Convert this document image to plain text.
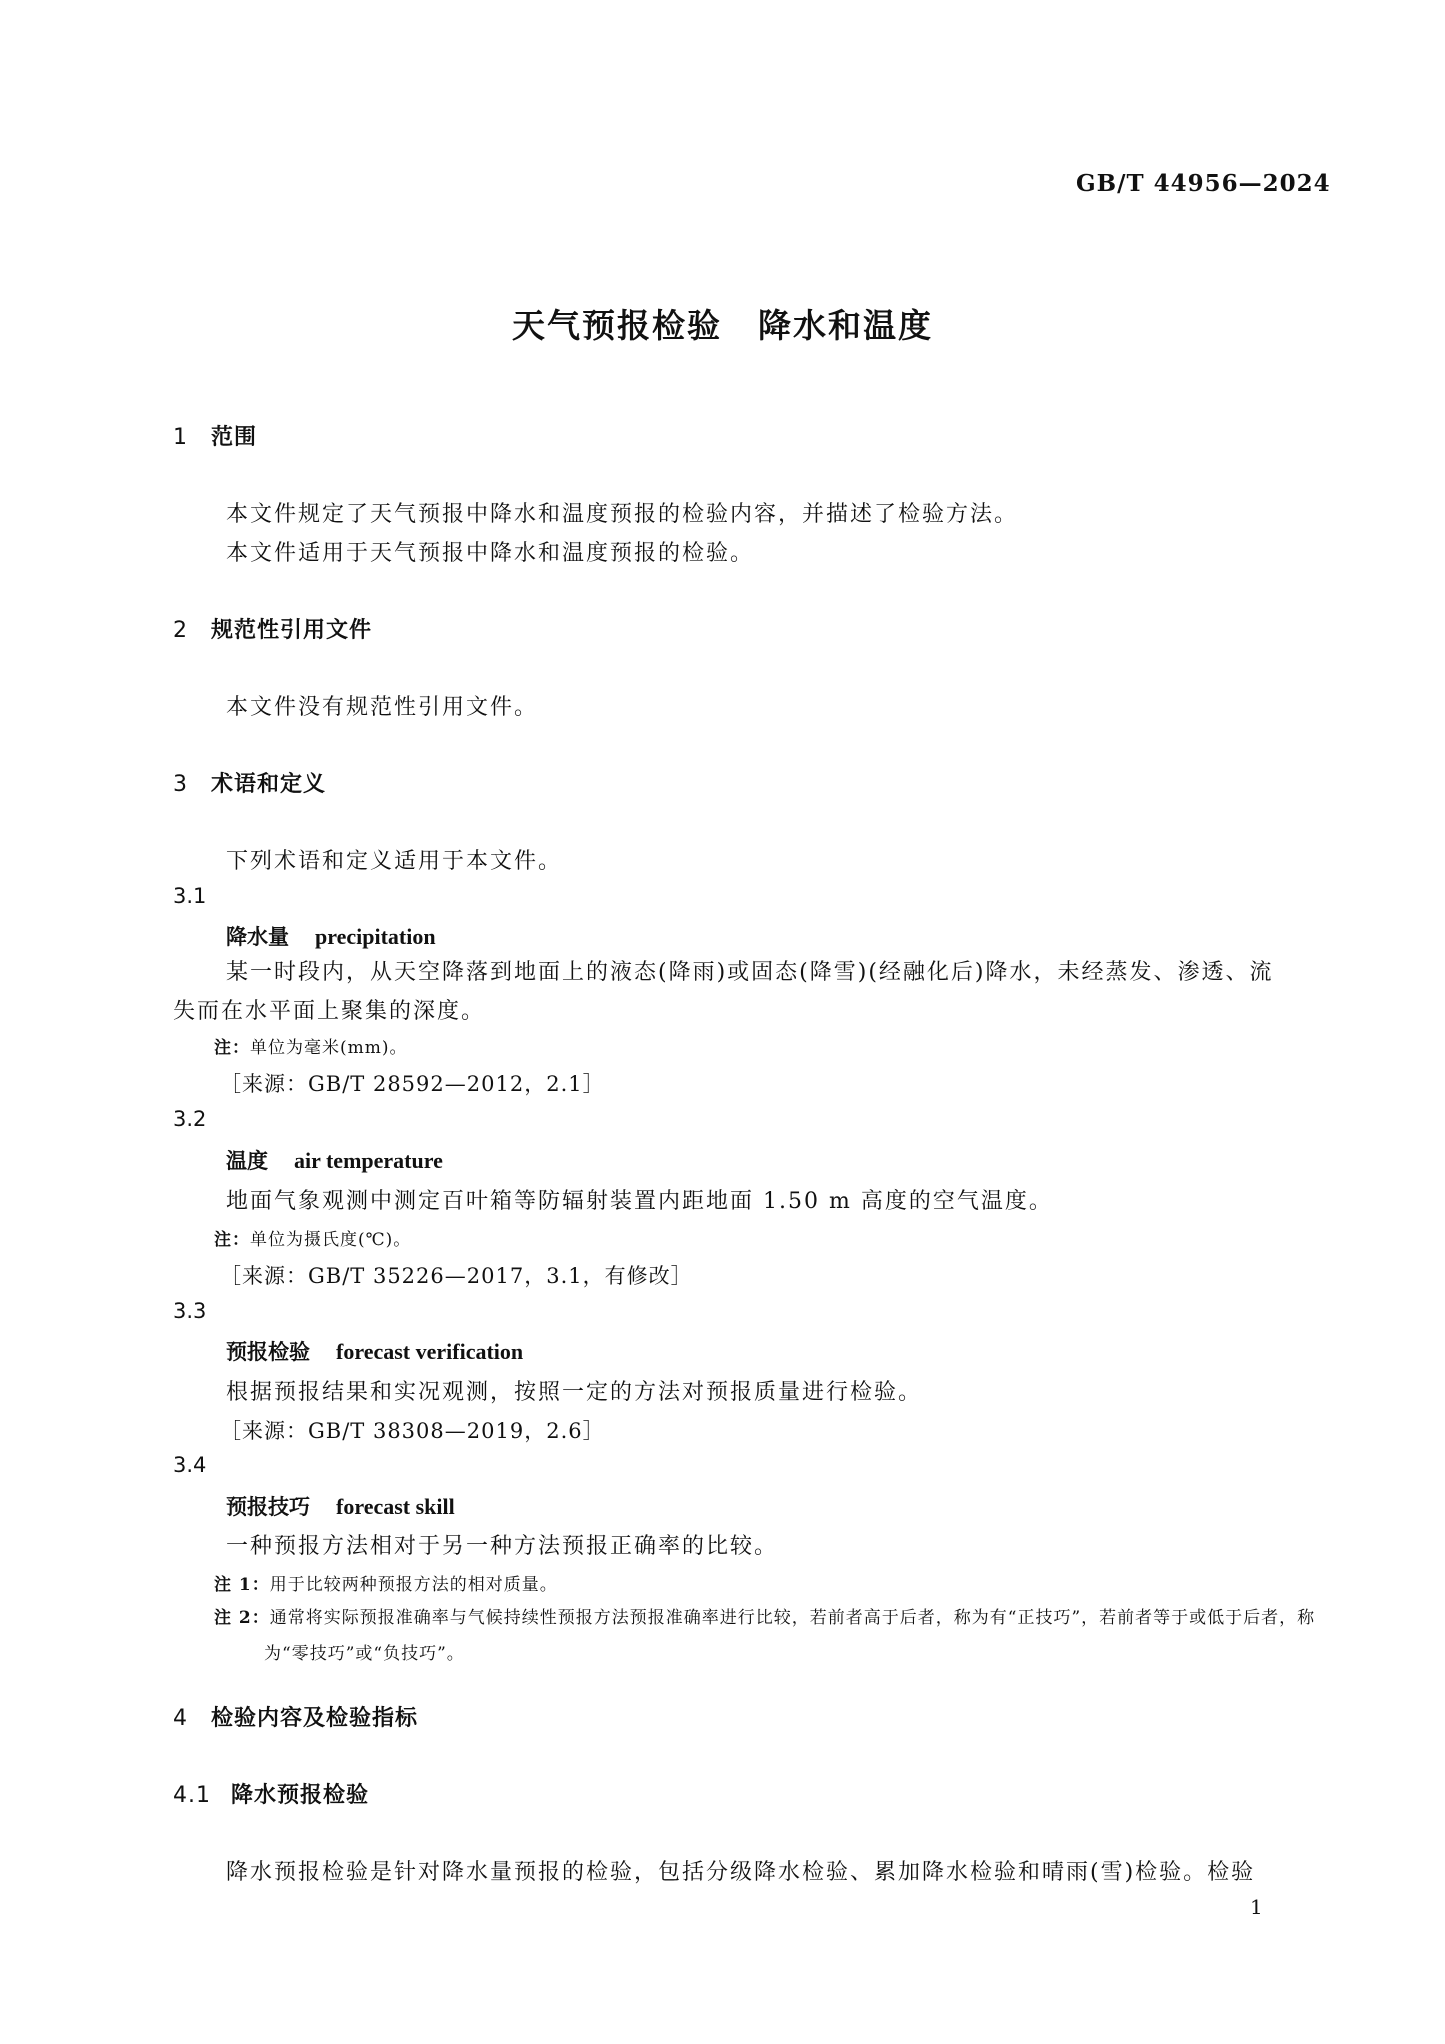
GB/T 44956—2024
天气预报检验 降水和温度
1 范围
本文件规定了天气预报中降水和温度预报的检验内容，并描述了检验方法。
本文件适用于天气预报中降水和温度预报的检验。
2 规范性引用文件
本文件没有规范性引用文件。
3 术语和定义
下列术语和定义适用于本文件。
3.1
降水量 precipitation
某一时段内，从天空降落到地面上的液态(降雨)或固态(降雪)(经融化后)降水，未经蒸发、渗透、流失而在水平面上聚集的深度。
注：单位为毫米(mm)。
［来源：GB/T 28592—2012，2.1］
3.2
温度 air temperature
地面气象观测中测定百叶箱等防辐射装置内距地面 1.50 m 高度的空气温度。
注：单位为摄氏度(℃)。
［来源：GB/T 35226—2017，3.1，有修改］
3.3
预报检验 forecast verification
根据预报结果和实况观测，按照一定的方法对预报质量进行检验。
［来源：GB/T 38308—2019，2.6］
3.4
预报技巧 forecast skill
一种预报方法相对于另一种方法预报正确率的比较。
注 1：用于比较两种预报方法的相对质量。
注 2：通常将实际预报准确率与气候持续性预报方法预报准确率进行比较，若前者高于后者，称为有“正技巧”，若前者等于或低于后者，称为“零技巧”或“负技巧”。
4 检验内容及检验指标
4.1 降水预报检验
降水预报检验是针对降水量预报的检验，包括分级降水检验、累加降水检验和晴雨(雪)检验。检验
1
